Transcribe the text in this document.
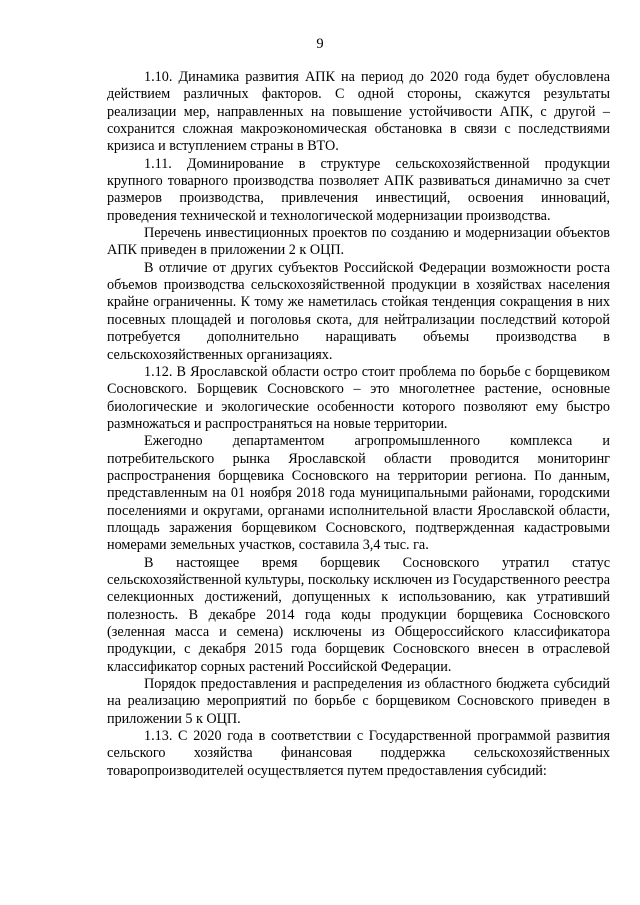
9

1.10. Динамика развития АПК на период до 2020 года будет обусловлена действием различных факторов. С одной стороны, скажутся результаты реализации мер, направленных на повышение устойчивости АПК, с другой – сохранится сложная макроэкономическая обстановка в связи с последствиями кризиса и вступлением страны в ВТО.

1.11. Доминирование в структуре сельскохозяйственной продукции крупного товарного производства позволяет АПК развиваться динамично за счет размеров производства, привлечения инвестиций, освоения инноваций, проведения технической и технологической модернизации производства.

Перечень инвестиционных проектов по созданию и модернизации объектов АПК приведен в приложении 2 к ОЦП.

В отличие от других субъектов Российской Федерации возможности роста объемов производства сельскохозяйственной продукции в хозяйствах населения крайне ограниченны. К тому же наметилась стойкая тенденция сокращения в них посевных площадей и поголовья скота, для нейтрализации последствий которой потребуется дополнительно наращивать объемы производства в сельскохозяйственных организациях.

1.12. В Ярославской области остро стоит проблема по борьбе с борщевиком Сосновского. Борщевик Сосновского – это многолетнее растение, основные биологические и экологические особенности которого позволяют ему быстро размножаться и распространяться на новые территории.

Ежегодно департаментом агропромышленного комплекса и потребительского рынка Ярославской области проводится мониторинг распространения борщевика Сосновского на территории региона. По данным, представленным на 01 ноября 2018 года муниципальными районами, городскими поселениями и округами, органами исполнительной власти Ярославской области, площадь заражения борщевиком Сосновского, подтвержденная кадастровыми номерами земельных участков, составила 3,4 тыс. га.

В настоящее время борщевик Сосновского утратил статус сельскохозяйственной культуры, поскольку исключен из Государственного реестра селекционных достижений, допущенных к использованию, как утративший полезность. В декабре 2014 года коды продукции борщевика Сосновского (зеленная масса и семена) исключены из Общероссийского классификатора продукции, с декабря 2015 года борщевик Сосновского внесен в отраслевой классификатор сорных растений Российской Федерации.

Порядок предоставления и распределения из областного бюджета субсидий на реализацию мероприятий по борьбе с борщевиком Сосновского приведен в приложении 5 к ОЦП.

1.13. С 2020 года в соответствии с Государственной программой развития сельского хозяйства финансовая поддержка сельскохозяйственных товаропроизводителей осуществляется путем предоставления субсидий:
